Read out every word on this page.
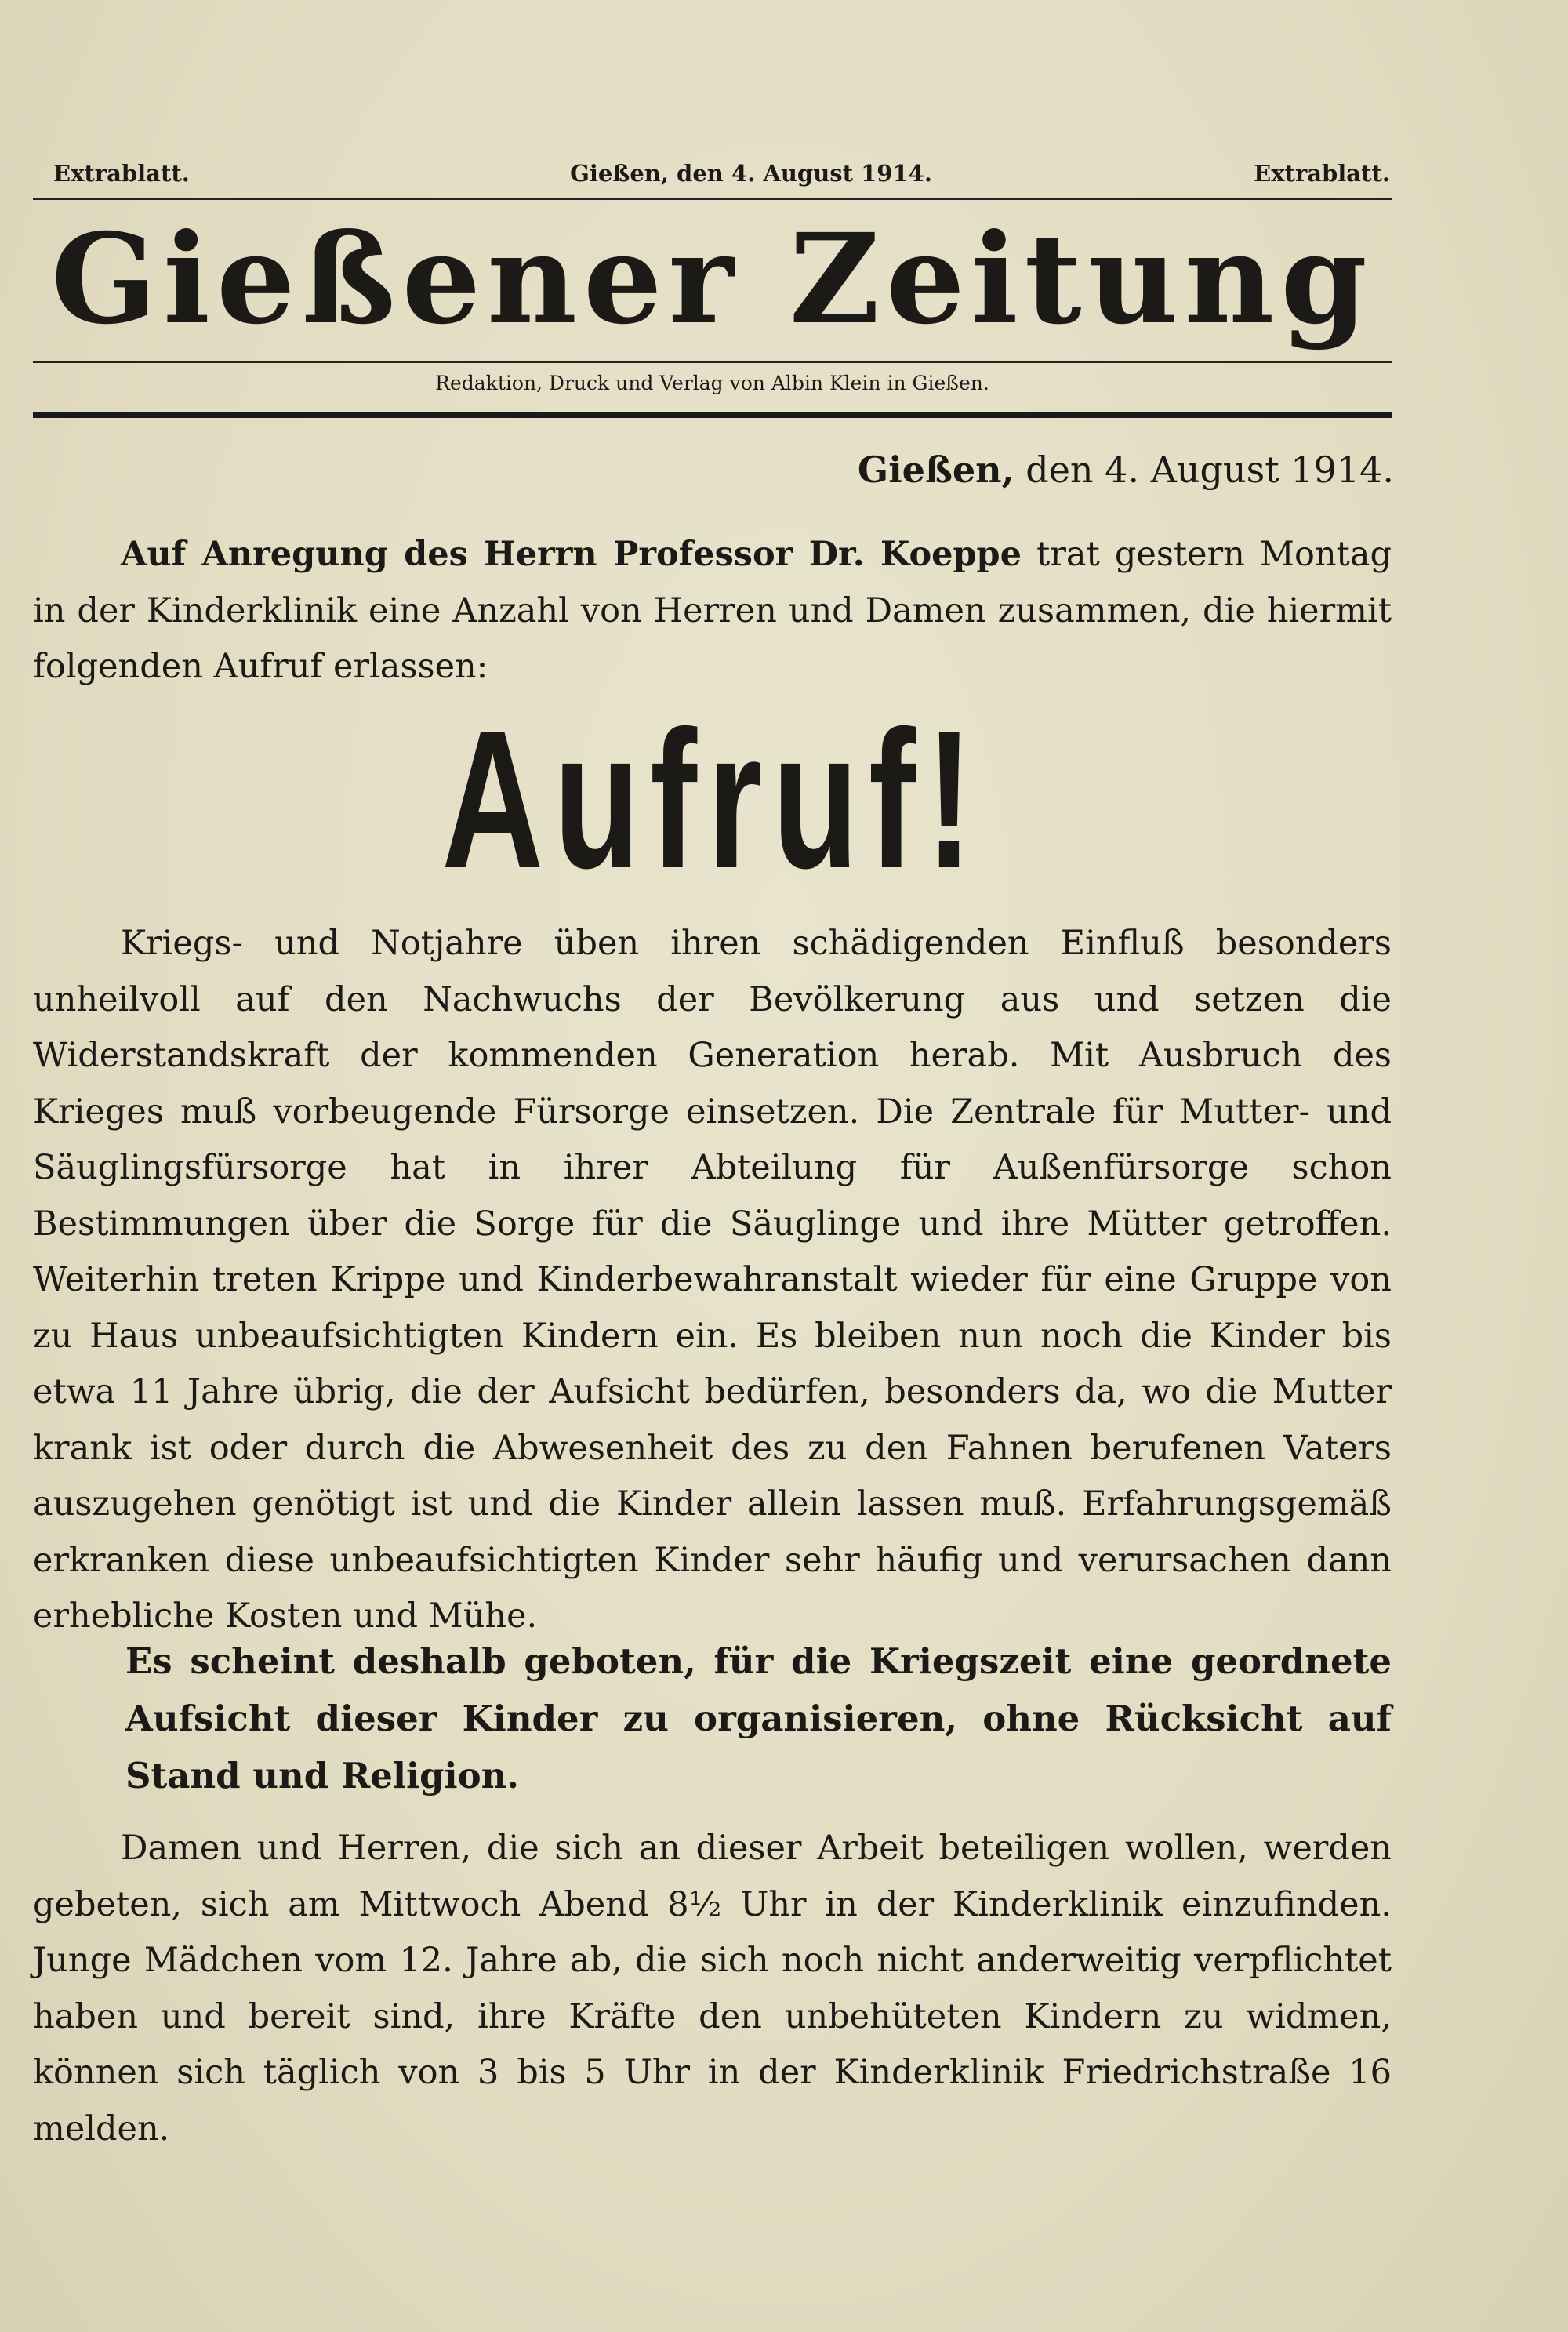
Extrablatt.	Gießen, den 4. August 1914.	Extrablatt.
Gießener Zeitung
Redaktion, Druck und Verlag von Albin Klein in Gießen.
Gießen, den 4. August 1914.
Auf Anregung des Herrn Professor Dr. Koeppe trat gestern Montag in der Kinderklinik eine Anzahl von Herren und Damen zusammen, die hiermit folgenden Aufruf erlassen:
Aufruf!
Kriegs- und Notjahre üben ihren schädigenden Einfluß besonders unheilvoll auf den Nachwuchs der Bevölkerung aus und setzen die Widerstandskraft der kommenden Generation herab. Mit Ausbruch des Krieges muß vorbeugende Fürsorge einsetzen. Die Zentrale für Mutter- und Säuglingsfürsorge hat in ihrer Abteilung für Außenfürsorge schon Bestimmungen über die Sorge für die Säuglinge und ihre Mütter getroffen. Weiterhin treten Krippe und Kinderbewahranstalt wieder für eine Gruppe von zu Haus unbeaufsichtigten Kindern ein. Es bleiben nun noch die Kinder bis etwa 11 Jahre übrig, die der Aufsicht bedürfen, besonders da, wo die Mutter krank ist oder durch die Abwesenheit des zu den Fahnen berufenen Vaters auszugehen genötigt ist und die Kinder allein lassen muß. Erfahrungsgemäß erkranken diese unbeaufsichtigten Kinder sehr häufig und verursachen dann erhebliche Kosten und Mühe.
Es scheint deshalb geboten, für die Kriegszeit eine geordnete Aufsicht dieser Kinder zu organisieren, ohne Rücksicht auf Stand und Religion.
Damen und Herren, die sich an dieser Arbeit beteiligen wollen, werden gebeten, sich am Mittwoch Abend 8½ Uhr in der Kinderklinik einzufinden. Junge Mädchen vom 12. Jahre ab, die sich noch nicht anderweitig verpflichtet haben und bereit sind, ihre Kräfte den unbehüteten Kindern zu widmen, können sich täglich von 3 bis 5 Uhr in der Kinderklinik Friedrichstraße 16 melden.
